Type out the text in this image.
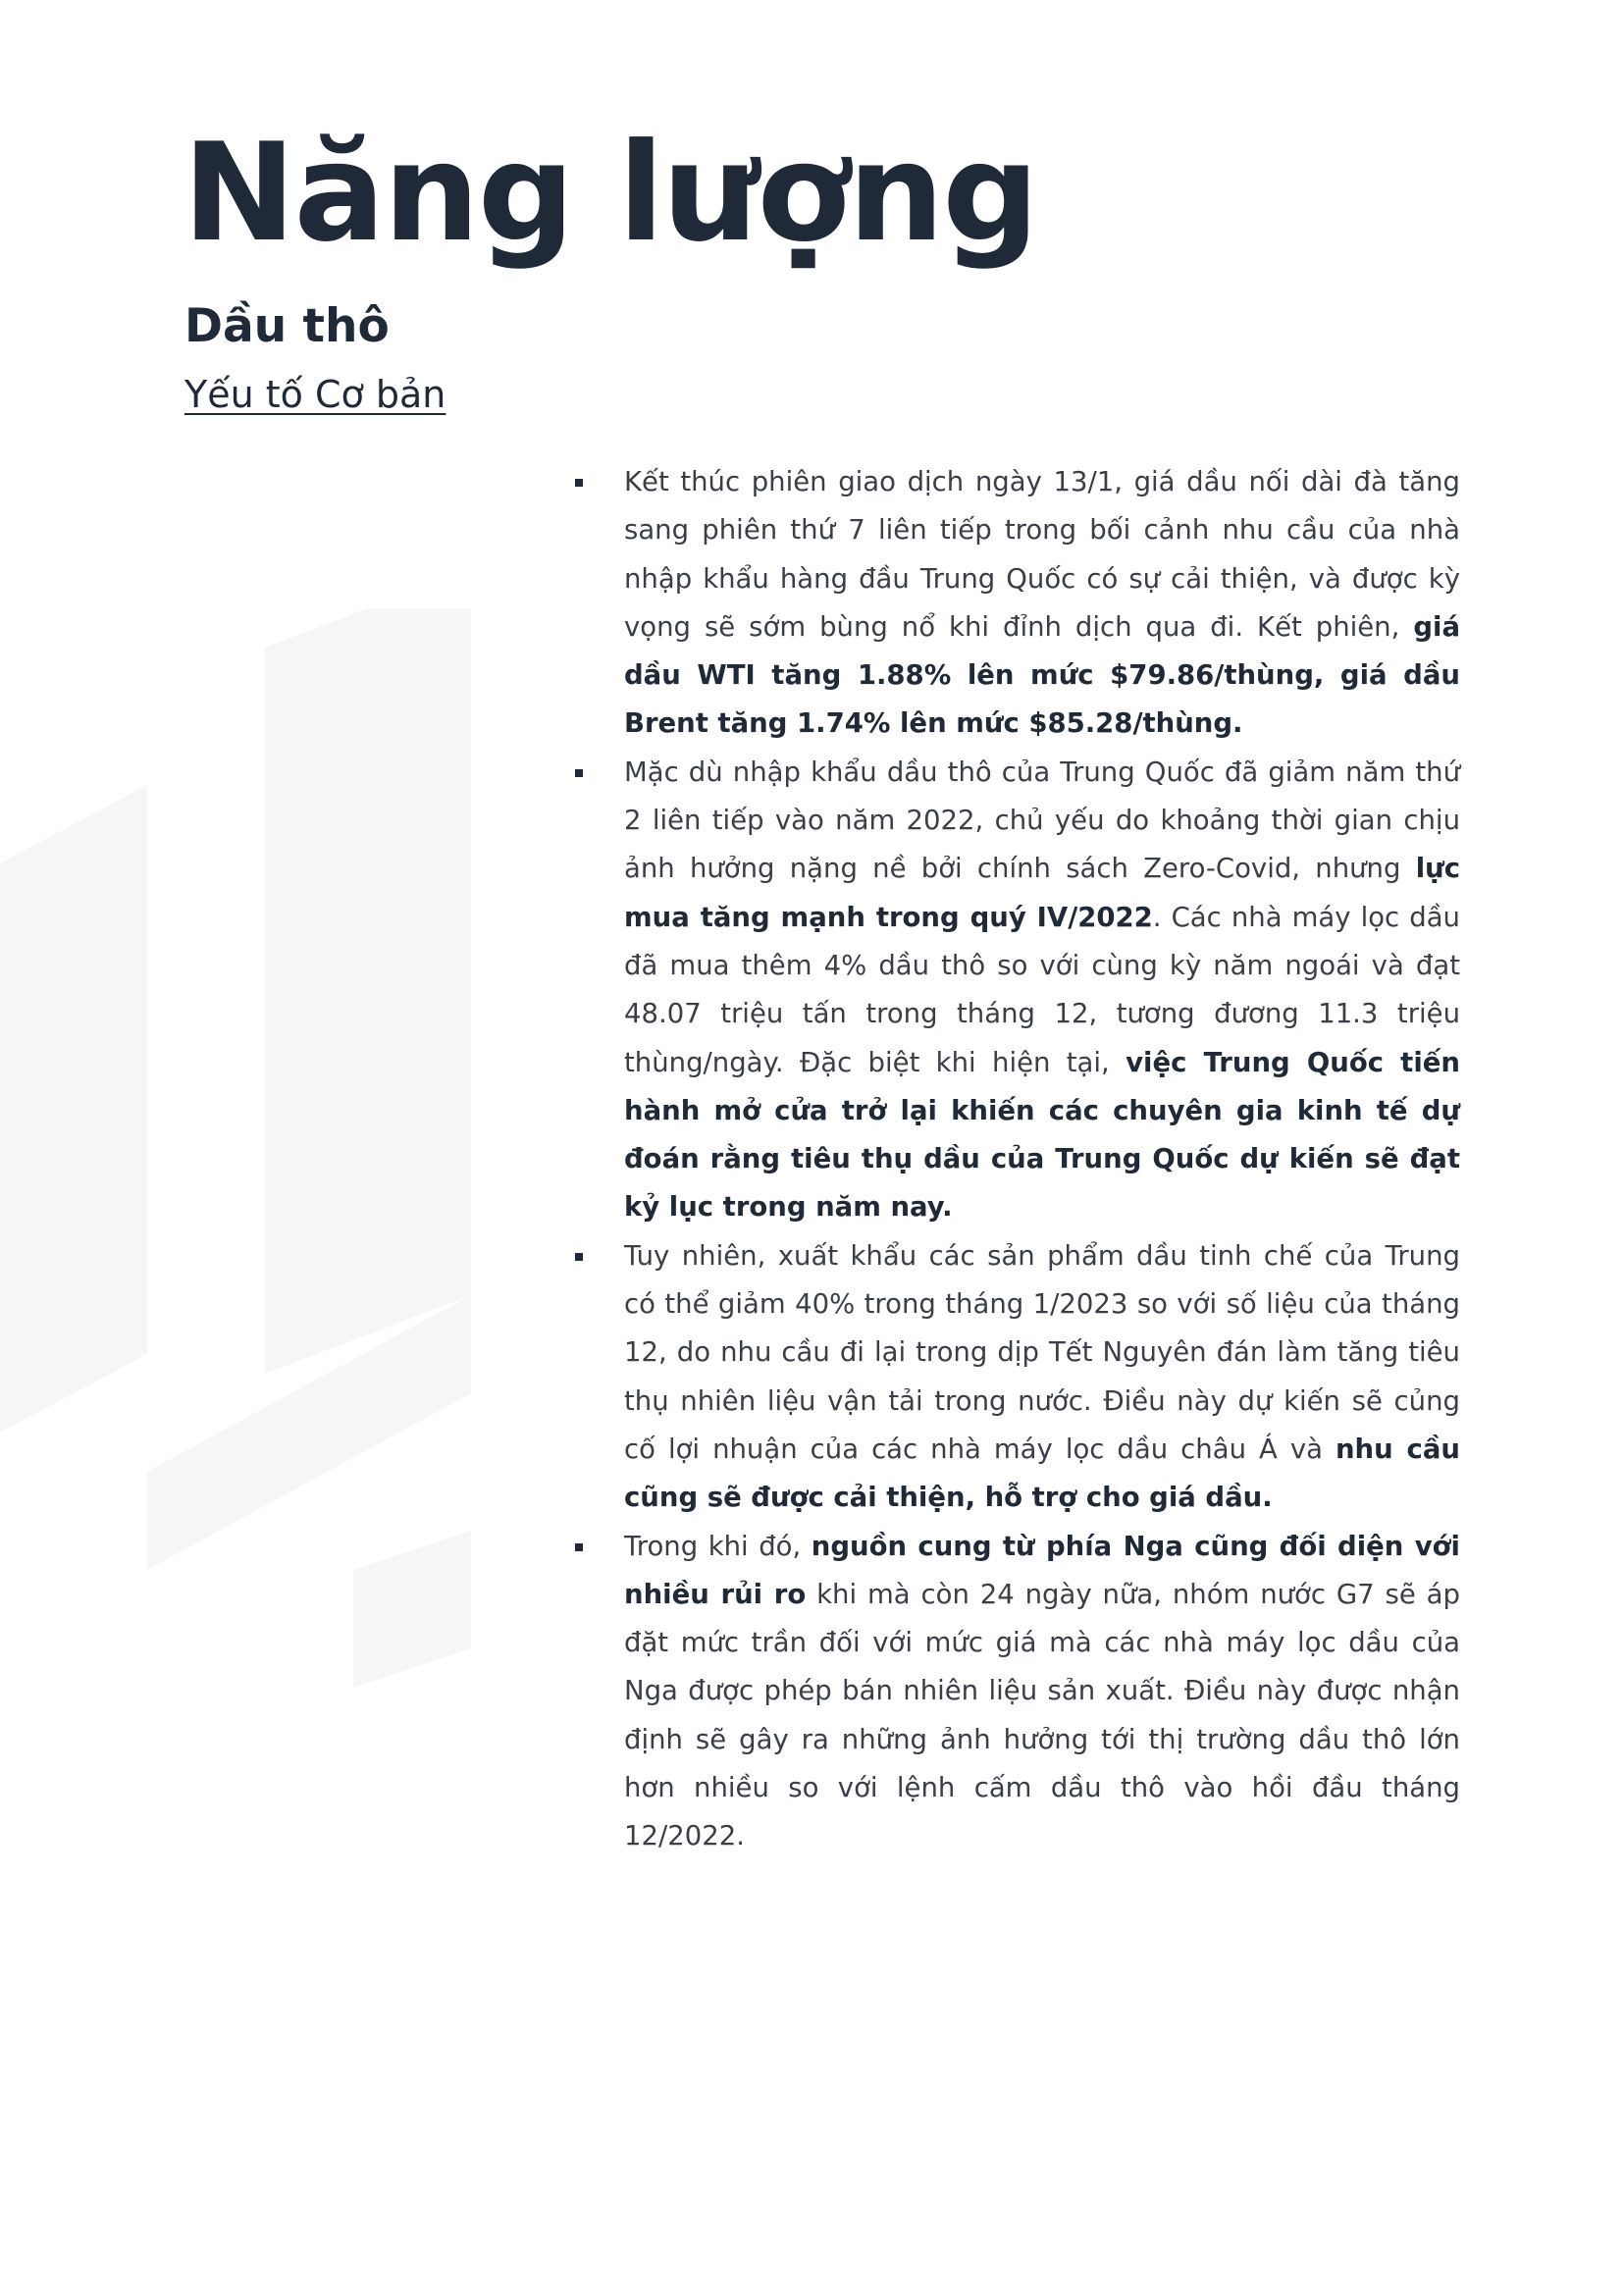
Năng lượng
Dầu thô
Yếu tố Cơ bản
Kết thúc phiên giao dịch ngày 13/1, giá dầu nối dài đà tăng sang phiên thứ 7 liên tiếp trong bối cảnh nhu cầu của nhà nhập khẩu hàng đầu Trung Quốc có sự cải thiện, và được kỳ vọng sẽ sớm bùng nổ khi đỉnh dịch qua đi. Kết phiên, giá dầu WTI tăng 1.88% lên mức $79.86/thùng, giá dầu Brent tăng 1.74% lên mức $85.28/thùng.
Mặc dù nhập khẩu dầu thô của Trung Quốc đã giảm năm thứ 2 liên tiếp vào năm 2022, chủ yếu do khoảng thời gian chịu ảnh hưởng nặng nề bởi chính sách Zero-Covid, nhưng lực mua tăng mạnh trong quý IV/2022. Các nhà máy lọc dầu đã mua thêm 4% dầu thô so với cùng kỳ năm ngoái và đạt 48.07 triệu tấn trong tháng 12, tương đương 11.3 triệu thùng/ngày. Đặc biệt khi hiện tại, việc Trung Quốc tiến hành mở cửa trở lại khiến các chuyên gia kinh tế dự đoán rằng tiêu thụ dầu của Trung Quốc dự kiến sẽ đạt kỷ lục trong năm nay.
Tuy nhiên, xuất khẩu các sản phẩm dầu tinh chế của Trung có thể giảm 40% trong tháng 1/2023 so với số liệu của tháng 12, do nhu cầu đi lại trong dịp Tết Nguyên đán làm tăng tiêu thụ nhiên liệu vận tải trong nước. Điều này dự kiến sẽ củng cố lợi nhuận của các nhà máy lọc dầu châu Á và nhu cầu cũng sẽ được cải thiện, hỗ trợ cho giá dầu.
Trong khi đó, nguồn cung từ phía Nga cũng đối diện với nhiều rủi ro khi mà còn 24 ngày nữa, nhóm nước G7 sẽ áp đặt mức trần đối với mức giá mà các nhà máy lọc dầu của Nga được phép bán nhiên liệu sản xuất. Điều này được nhận định sẽ gây ra những ảnh hưởng tới thị trường dầu thô lớn hơn nhiều so với lệnh cấm dầu thô vào hồi đầu tháng 12/2022.
